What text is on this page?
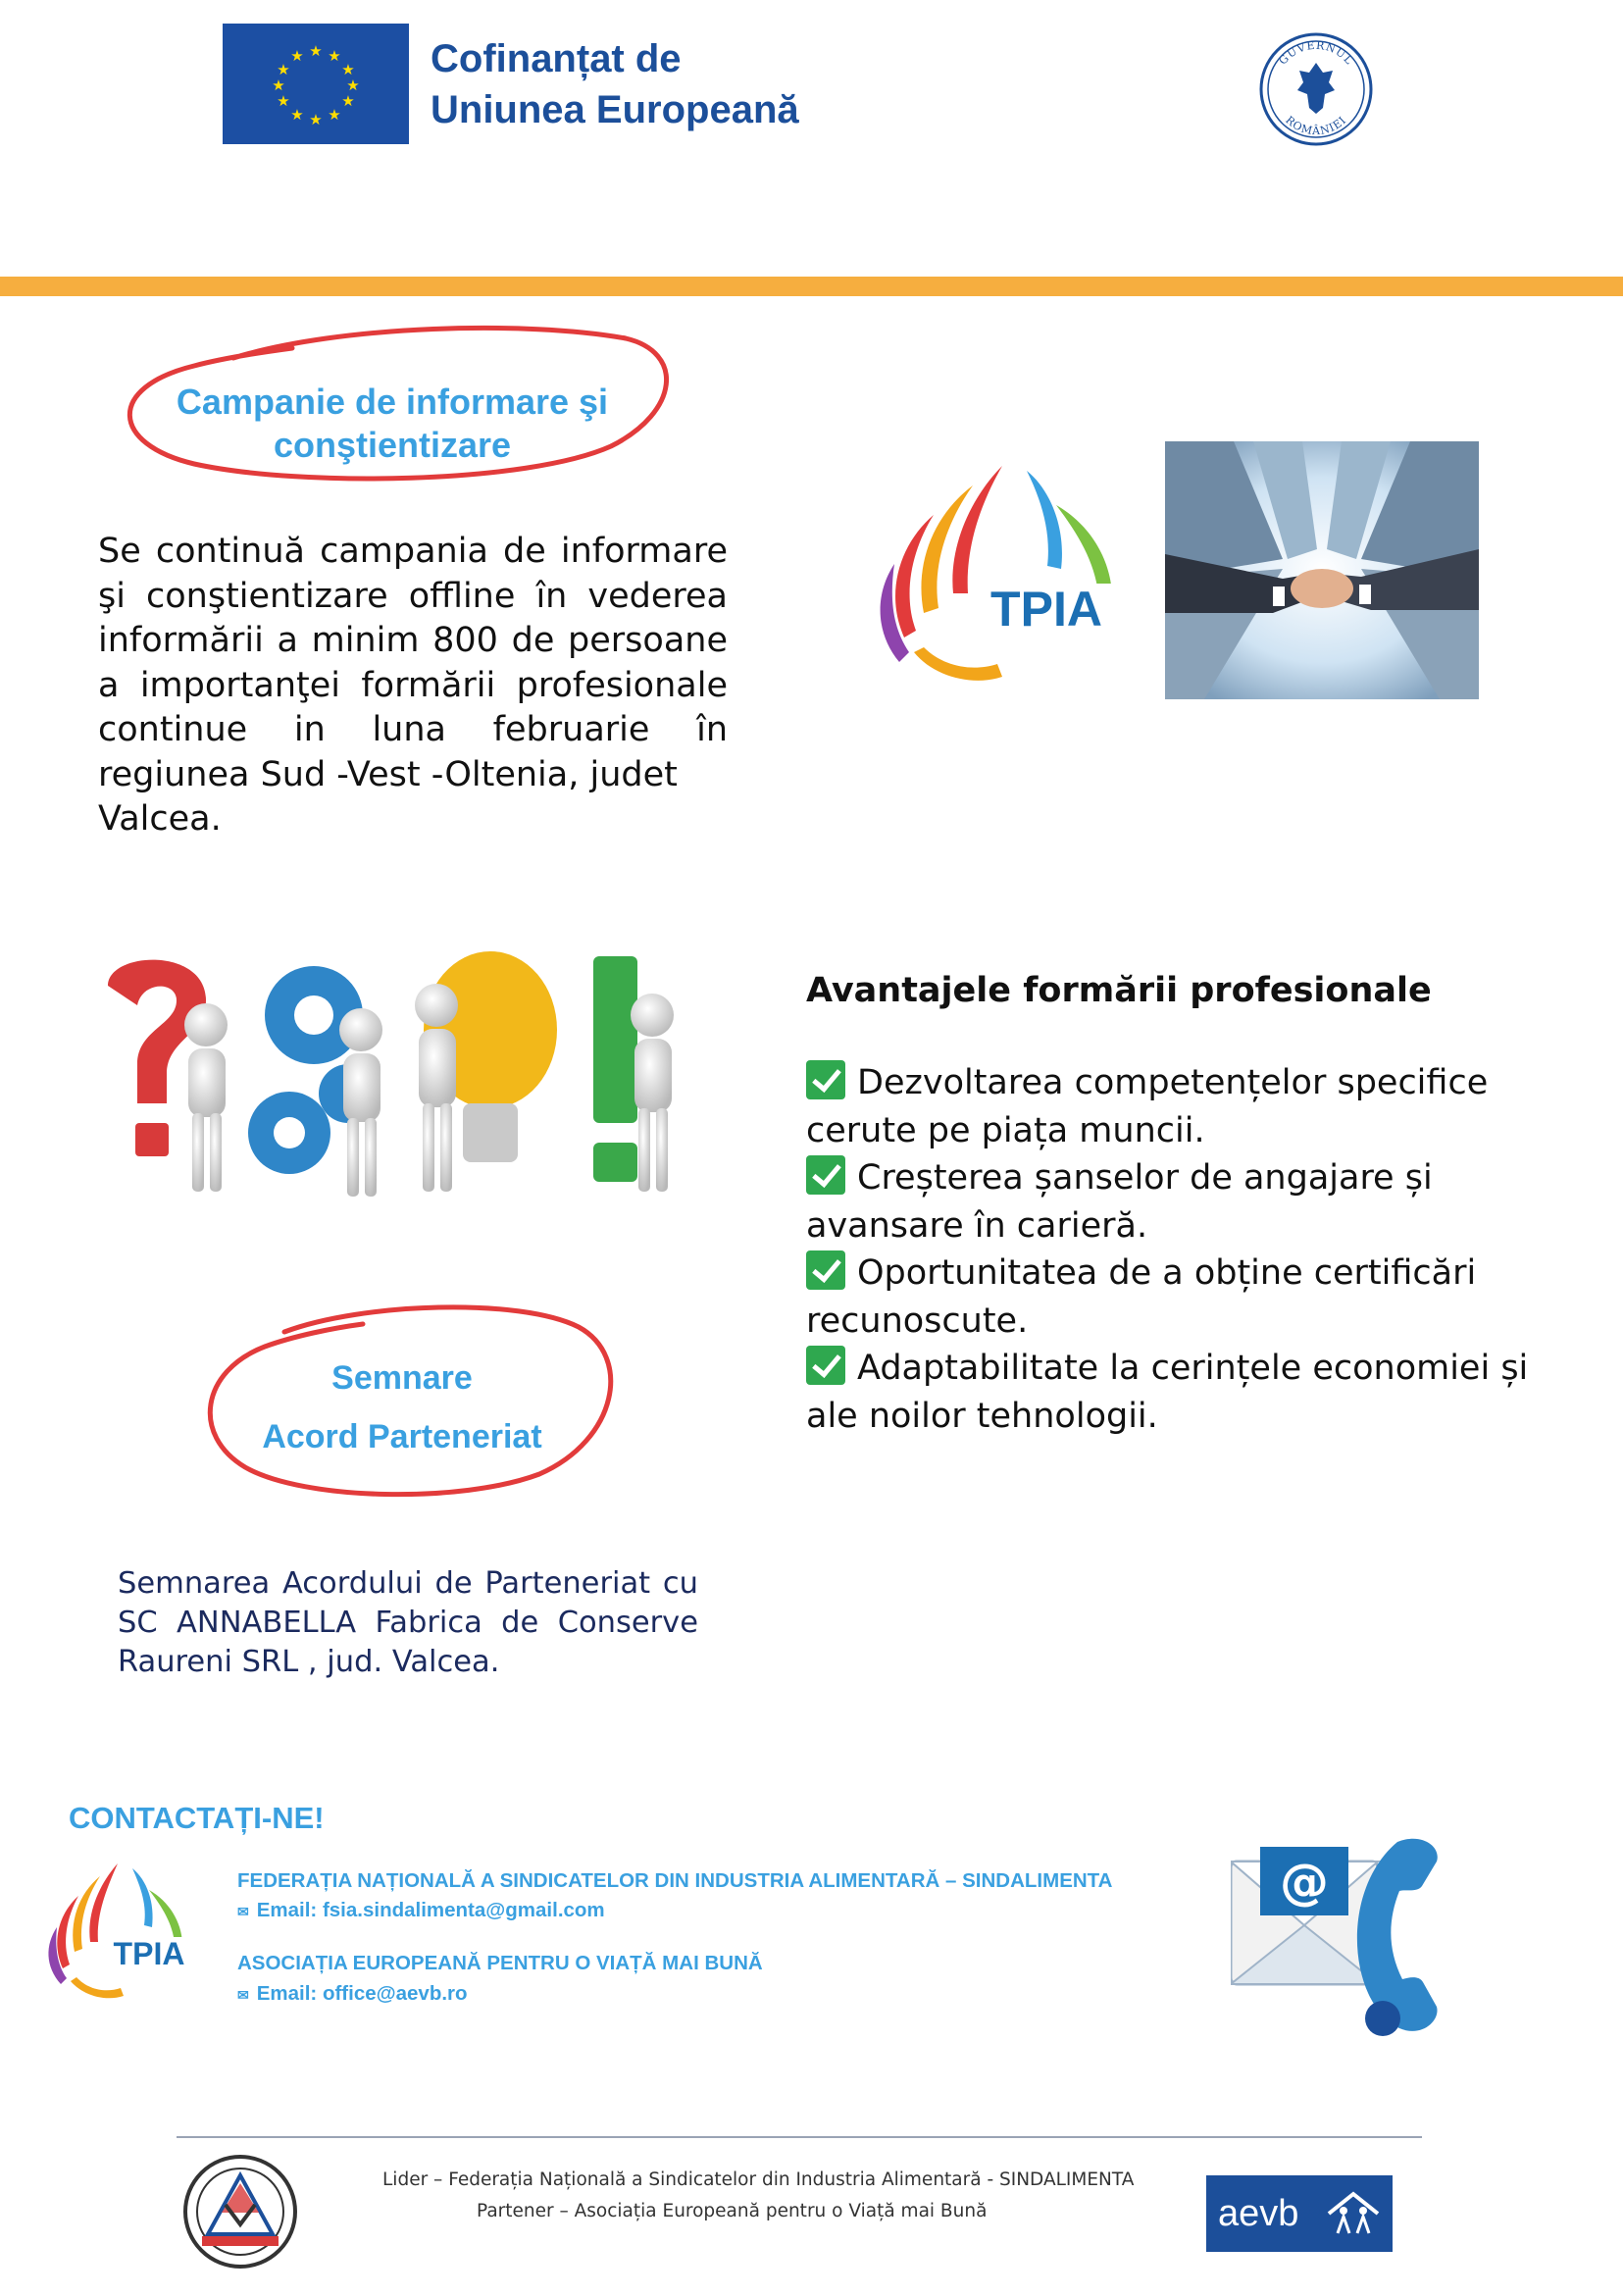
★ ★
★
★
★
★
★
★
★
★
★
★	Cofinanțat de
Uniunea Europeană
GUVERNUL
ROMÂNIEI
Campanie de informare şi
conştientizare
Se continuă campania de informare
şi conştientizare offline în vederea
informării a minim 800 de persoane
a importanţei formării profesionale
continue in luna februarie în
regiunea Sud -Vest -Oltenia, judet
Valcea.
TPIA
Avantajele formării profesionale
Dezvoltarea competențelor specifice
cerute pe piața muncii.
Creșterea șanselor de angajare și
avansare în carieră.
Oportunitatea de a obține certificări
recunoscute.
Adaptabilitate la cerințele economiei și
ale noilor tehnologii.
Semnare
Acord Parteneriat
Semnarea Acordului de Parteneriat cu
SC ANNABELLA Fabrica de Conserve
Raureni SRL , jud. Valcea.
CONTACTAȚI-NE!
TPIA
FEDERAȚIA NAȚIONALĂ A SINDICATELOR DIN INDUSTRIA ALIMENTARĂ – SINDALIMENTA
✉ Email: fsia.sindalimenta@gmail.com
ASOCIAȚIA EUROPEANĂ PENTRU O VIAȚĂ MAI BUNĂ
✉ Email: office@aevb.ro
@
Lider – Federația Națională a Sindicatelor din Industria Alimentară - SINDALIMENTA
Partener – Asociația Europeană pentru o Viață mai Bună	aevb
